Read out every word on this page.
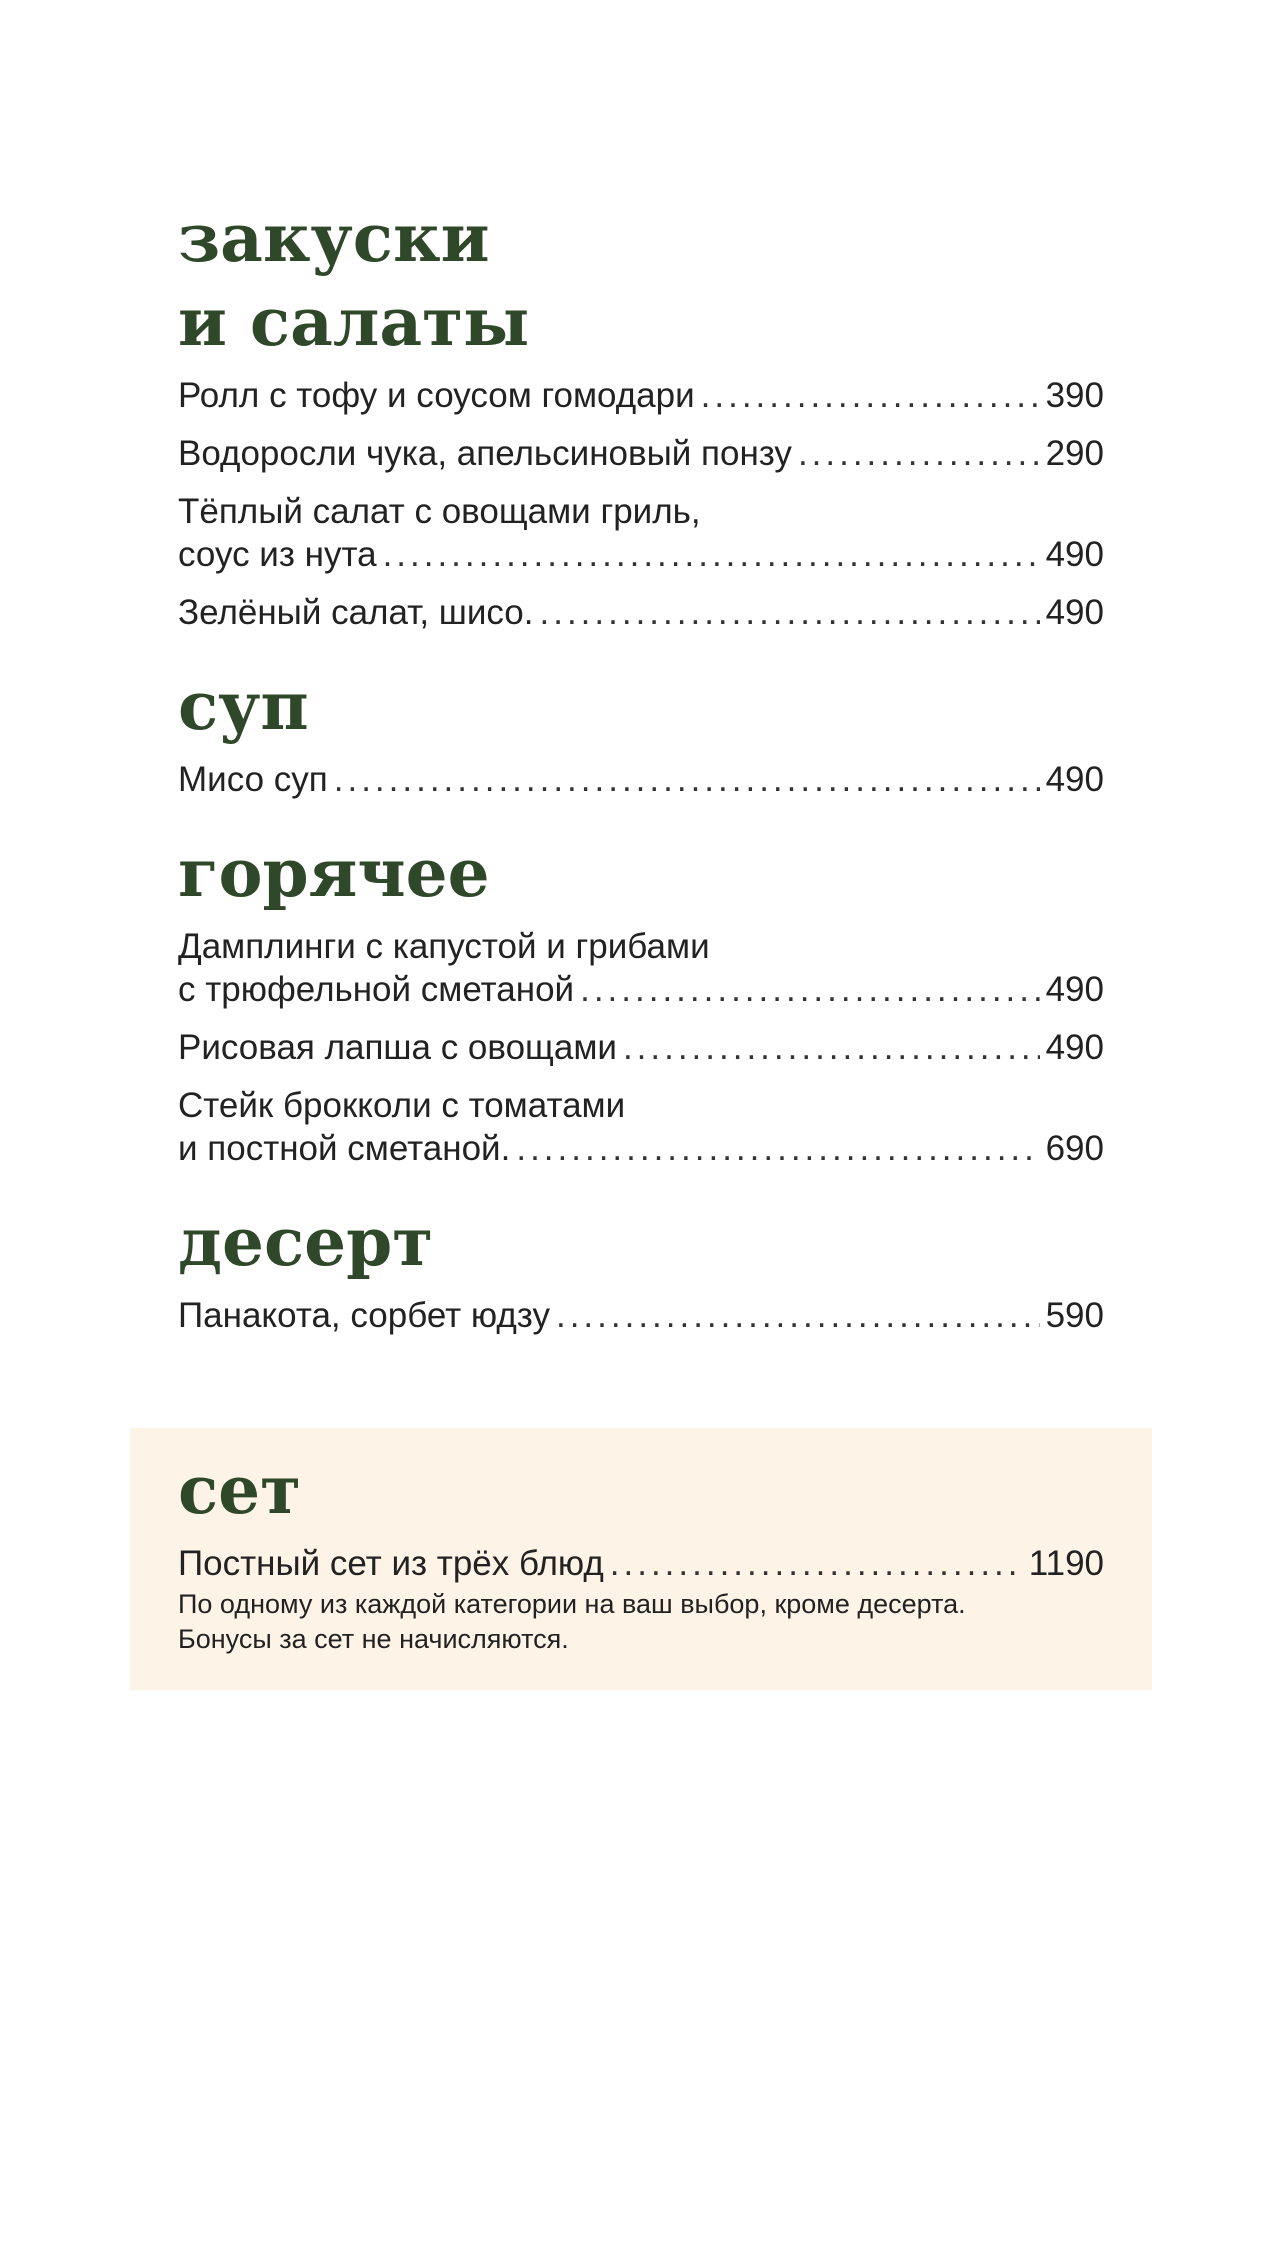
закуски
и салаты
Ролл с тофу и соусом гомодари .....	390
Водоросли чука, апельсиновый понзу .....	290
Тёплый салат с овощами гриль,
соус из нута .....	490
Зелёный салат, шисо. .....	490
суп
Мисо суп .....	490
горячее
Дамплинги с капустой и грибами
с трюфельной сметаной .....	490
Рисовая лапша с овощами .....	490
Стейк брокколи с томатами
и постной сметаной. .....	690
десерт
Панакота, сорбет юдзу .....	590
сет
Постный сет из трёх блюд .....	1190
По одному из каждой категории на ваш выбор, кроме десерта.
Бонусы за сет не начисляются.
